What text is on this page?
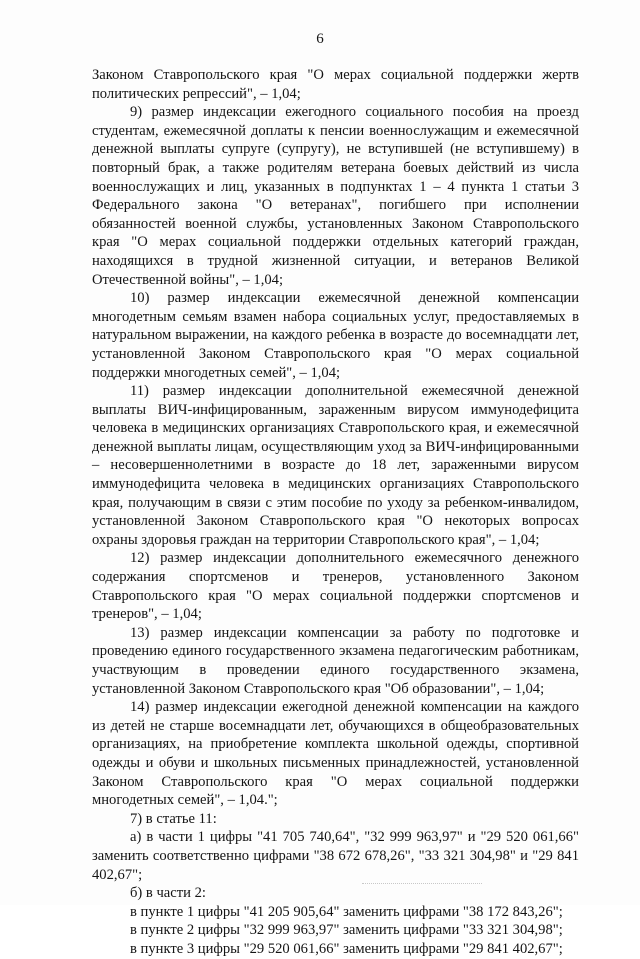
6

Законом Ставропольского края "О мерах социальной поддержки жертв политических репрессий", – 1,04;

9) размер индексации ежегодного социального пособия на проезд студентам, ежемесячной доплаты к пенсии военнослужащим и ежемесячной денежной выплаты супруге (супругу), не вступившей (не вступившему) в повторный брак, а также родителям ветерана боевых действий из числа военнослужащих и лиц, указанных в подпунктах 1 – 4 пункта 1 статьи 3 Федерального закона "О ветеранах", погибшего при исполнении обязанностей военной службы, установленных Законом Ставропольского края "О мерах социальной поддержки отдельных категорий граждан, находящихся в трудной жизненной ситуации, и ветеранов Великой Отечественной войны", – 1,04;

10) размер индексации ежемесячной денежной компенсации многодетным семьям взамен набора социальных услуг, предоставляемых в натуральном выражении, на каждого ребенка в возрасте до восемнадцати лет, установленной Законом Ставропольского края "О мерах социальной поддержки многодетных семей", – 1,04;

11) размер индексации дополнительной ежемесячной денежной выплаты ВИЧ-инфицированным, зараженным вирусом иммунодефицита человека в медицинских организациях Ставропольского края, и ежемесячной денежной выплаты лицам, осуществляющим уход за ВИЧ-инфицированными – несовершеннолетними в возрасте до 18 лет, зараженными вирусом иммунодефицита человека в медицинских организациях Ставропольского края, получающим в связи с этим пособие по уходу за ребенком-инвалидом, установленной Законом Ставропольского края "О некоторых вопросах охраны здоровья граждан на территории Ставропольского края", – 1,04;

12) размер индексации дополнительного ежемесячного денежного содержания спортсменов и тренеров, установленного Законом Ставропольского края "О мерах социальной поддержки спортсменов и тренеров", – 1,04;

13) размер индексации компенсации за работу по подготовке и проведению единого государственного экзамена педагогическим работникам, участвующим в проведении единого государственного экзамена, установленной Законом Ставропольского края "Об образовании", – 1,04;

14) размер индексации ежегодной денежной компенсации на каждого из детей не старше восемнадцати лет, обучающихся в общеобразовательных организациях, на приобретение комплекта школьной одежды, спортивной одежды и обуви и школьных письменных принадлежностей, установленной Законом Ставропольского края "О мерах социальной поддержки многодетных семей", – 1,04.";

7) в статье 11:

а) в части 1 цифры "41 705 740,64", "32 999 963,97" и "29 520 061,66" заменить соответственно цифрами "38 672 678,26", "33 321 304,98" и "29 841 402,67";

б) в части 2:

в пункте 1 цифры "41 205 905,64" заменить цифрами "38 172 843,26";

в пункте 2 цифры "32 999 963,97" заменить цифрами "33 321 304,98";

в пункте 3 цифры "29 520 061,66" заменить цифрами "29 841 402,67";
